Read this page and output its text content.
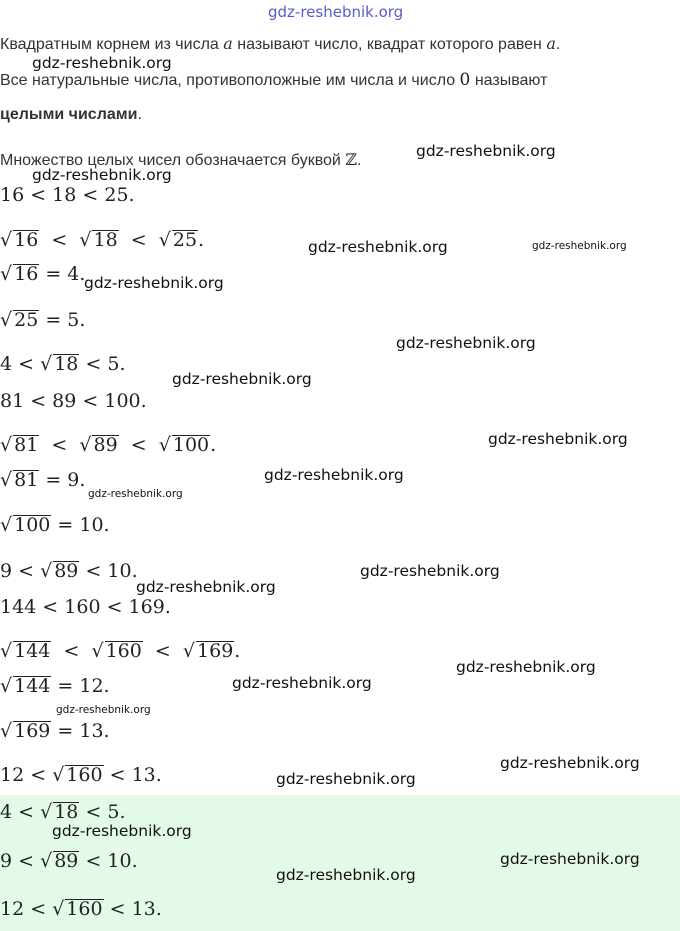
gdz-reshebnik.org
Квадратным корнем из числа a называют число, квадрат которого равен a.
Все натуральные числа, противоположные им числа и число 0 называют
целыми числами.
Множество целых чисел обозначается буквой ℤ.
16 < 18 < 25.
√ 16  <  √ 18  <  √ 25.
√ 16 = 4.
√ 25 = 5.
4 < √ 18 < 5.
81 < 89 < 100.
√ 81  <  √ 89  <  √ 100.
√ 81 = 9.
√ 100 = 10.
9 < √ 89 < 10.
144 < 160 < 169.
√ 144  <  √ 160  <  √ 169.
√ 144 = 12.
√ 169 = 13.
12 < √ 160 < 13.
4 < √ 18 < 5.
9 < √ 89 < 10.
12 < √ 160 < 13.
gdz-reshebnik.org
gdz-reshebnik.org
gdz-reshebnik.org
gdz-reshebnik.org	gdz-reshebnik.org
gdz-reshebnik.org
gdz-reshebnik.org
gdz-reshebnik.org
gdz-reshebnik.org
gdz-reshebnik.org
gdz-reshebnik.org
gdz-reshebnik.org
gdz-reshebnik.org
gdz-reshebnik.org
gdz-reshebnik.org
gdz-reshebnik.org
gdz-reshebnik.org
gdz-reshebnik.org
gdz-reshebnik.org
gdz-reshebnik.org
gdz-reshebnik.org
